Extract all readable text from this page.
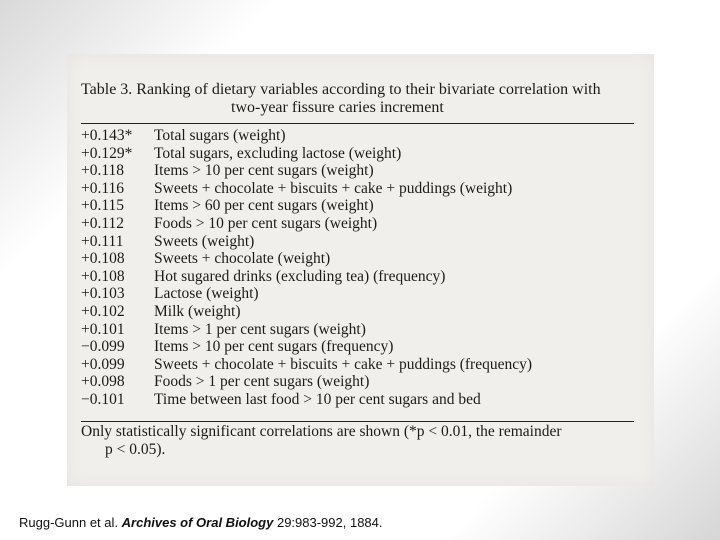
Table 3. Ranking of dietary variables according to their bivariate correlation with
two-year fissure caries increment
+0.143*	Total sugars (weight)
+0.129*	Total sugars, excluding lactose (weight)
+0.118	Items > 10 per cent sugars (weight)
+0.116	Sweets + chocolate + biscuits + cake + puddings (weight)
+0.115	Items > 60 per cent sugars (weight)
+0.112	Foods > 10 per cent sugars (weight)
+0.111	Sweets (weight)
+0.108	Sweets + chocolate (weight)
+0.108	Hot sugared drinks (excluding tea) (frequency)
+0.103	Lactose (weight)
+0.102	Milk (weight)
+0.101	Items > 1 per cent sugars (weight)
−0.099	Items > 10 per cent sugars (frequency)
+0.099	Sweets + chocolate + biscuits + cake + puddings (frequency)
+0.098	Foods > 1 per cent sugars (weight)
−0.101	Time between last food > 10 per cent sugars and bed
Only statistically significant correlations are shown (*p < 0.01, the remainder
p < 0.05).
Rugg-Gunn et al. Archives of Oral Biology 29:983-992, 1884.
